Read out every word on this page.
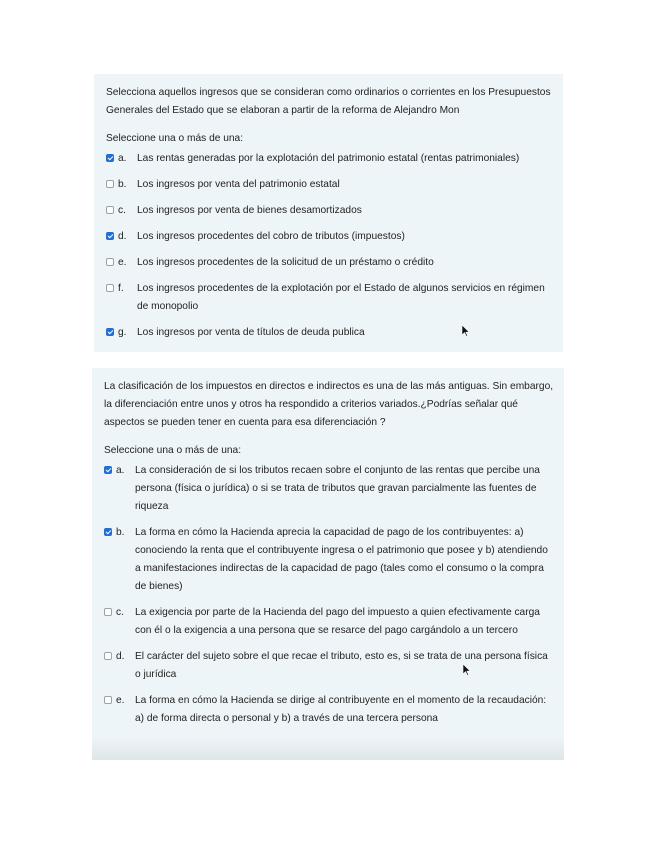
Selecciona aquellos ingresos que se consideran como ordinarios o corrientes en los Presupuestos Generales del Estado que se elaboran a partir de la reforma de Alejandro Mon

Seleccione una o más de una:

a.	Las rentas generadas por la explotación del patrimonio estatal (rentas patrimoniales)
b.	Los ingresos por venta del patrimonio estatal
c.	Los ingresos por venta de bienes desamortizados
d.	Los ingresos procedentes del cobro de tributos (impuestos)
e.	Los ingresos procedentes de la solicitud de un préstamo o crédito
f.	Los ingresos procedentes de la explotación por el Estado de algunos servicios en régimen de monopolio
g.	Los ingresos por venta de títulos de deuda publica

La clasificación de los impuestos en directos e indirectos es una de las más antiguas. Sin embargo, la diferenciación entre unos y otros ha respondido a criterios variados.¿Podrías señalar qué aspectos se pueden tener en cuenta para esa diferenciación ?

Seleccione una o más de una:

a.	La consideración de si los tributos recaen sobre el conjunto de las rentas que percibe una persona (física o jurídica) o si se trata de tributos que gravan parcialmente las fuentes de riqueza
b.	La forma en cómo la Hacienda aprecia la capacidad de pago de los contribuyentes: a) conociendo la renta que el contribuyente ingresa o el patrimonio que posee y b) atendiendo a manifestaciones indirectas de la capacidad de pago (tales como el consumo o la compra de bienes)
c.	La exigencia por parte de la Hacienda del pago del impuesto a quien efectivamente carga con él o la exigencia a una persona que se resarce del pago cargándolo a un tercero
d.	El carácter del sujeto sobre el que recae el tributo, esto es, si se trata de una persona física o jurídica
e.	La forma en cómo la Hacienda se dirige al contribuyente en el momento de la recaudación: a) de forma directa o personal y b) a través de una tercera persona
